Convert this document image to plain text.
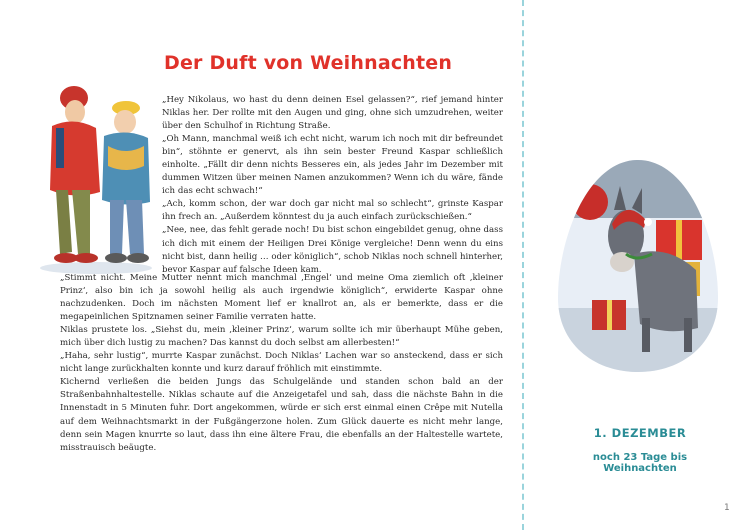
Der Duft von Weihnachten

„Hey Nikolaus, wo hast du denn deinen Esel gelassen?“, rief jemand hinter Niklas her. Der rollte mit den Augen und ging, ohne sich umzudrehen, weiter über den Schulhof in Richtung Straße.

„Oh Mann, manchmal weiß ich echt nicht, warum ich noch mit dir befreundet bin“, stöhnte er genervt, als ihn sein bester Freund Kaspar schließlich einholte. „Fällt dir denn nichts Besseres ein, als jedes Jahr im Dezember mit dummen Witzen über meinen Namen anzukommen? Wenn ich du wäre, fände ich das echt schwach!“

„Ach, komm schon, der war doch gar nicht mal so schlecht“, grinste Kaspar ihn frech an. „Außerdem könntest du ja auch einfach zurückschießen.“

„Nee, nee, das fehlt gerade noch! Du bist schon eingebildet genug, ohne dass ich dich mit einem der Heiligen Drei Könige vergleiche! Denn wenn du eins nicht bist, dann heilig … oder königlich“, schob Niklas noch schnell hinterher, bevor Kaspar auf falsche Ideen kam.

„Stimmt nicht. Meine Mutter nennt mich manchmal ‚Engel‘ und meine Oma ziemlich oft ‚kleiner Prinz‘, also bin ich ja sowohl heilig als auch irgendwie königlich“, erwiderte Kaspar ohne nachzudenken. Doch im nächsten Moment lief er knallrot an, als er bemerkte, dass er die megapeinlichen Spitznamen seiner Familie verraten hatte.

Niklas prustete los. „Siehst du, mein ‚kleiner Prinz‘, warum sollte ich mir überhaupt Mühe geben, mich über dich lustig zu machen? Das kannst du doch selbst am allerbesten!“

„Haha, sehr lustig“, murrte Kaspar zunächst. Doch Niklas‘ Lachen war so ansteckend, dass er sich nicht lange zurückhalten konnte und kurz darauf fröhlich mit einstimmte.

Kichernd verließen die beiden Jungs das Schulgelände und standen schon bald an der Straßenbahnhaltestelle. Niklas schaute auf die Anzeigetafel und sah, dass die nächste Bahn in die Innenstadt in 5 Minuten fuhr. Dort angekommen, würde er sich erst einmal einen Crêpe mit Nutella auf dem Weihnachtsmarkt in der Fußgängerzone holen. Zum Glück dauerte es nicht mehr lange, denn sein Magen knurrte so laut, dass ihn eine ältere Frau, die ebenfalls an der Haltestelle wartete, misstrauisch beäugte.

1. DEZEMBER

noch 23 Tage bis Weihnachten

1
